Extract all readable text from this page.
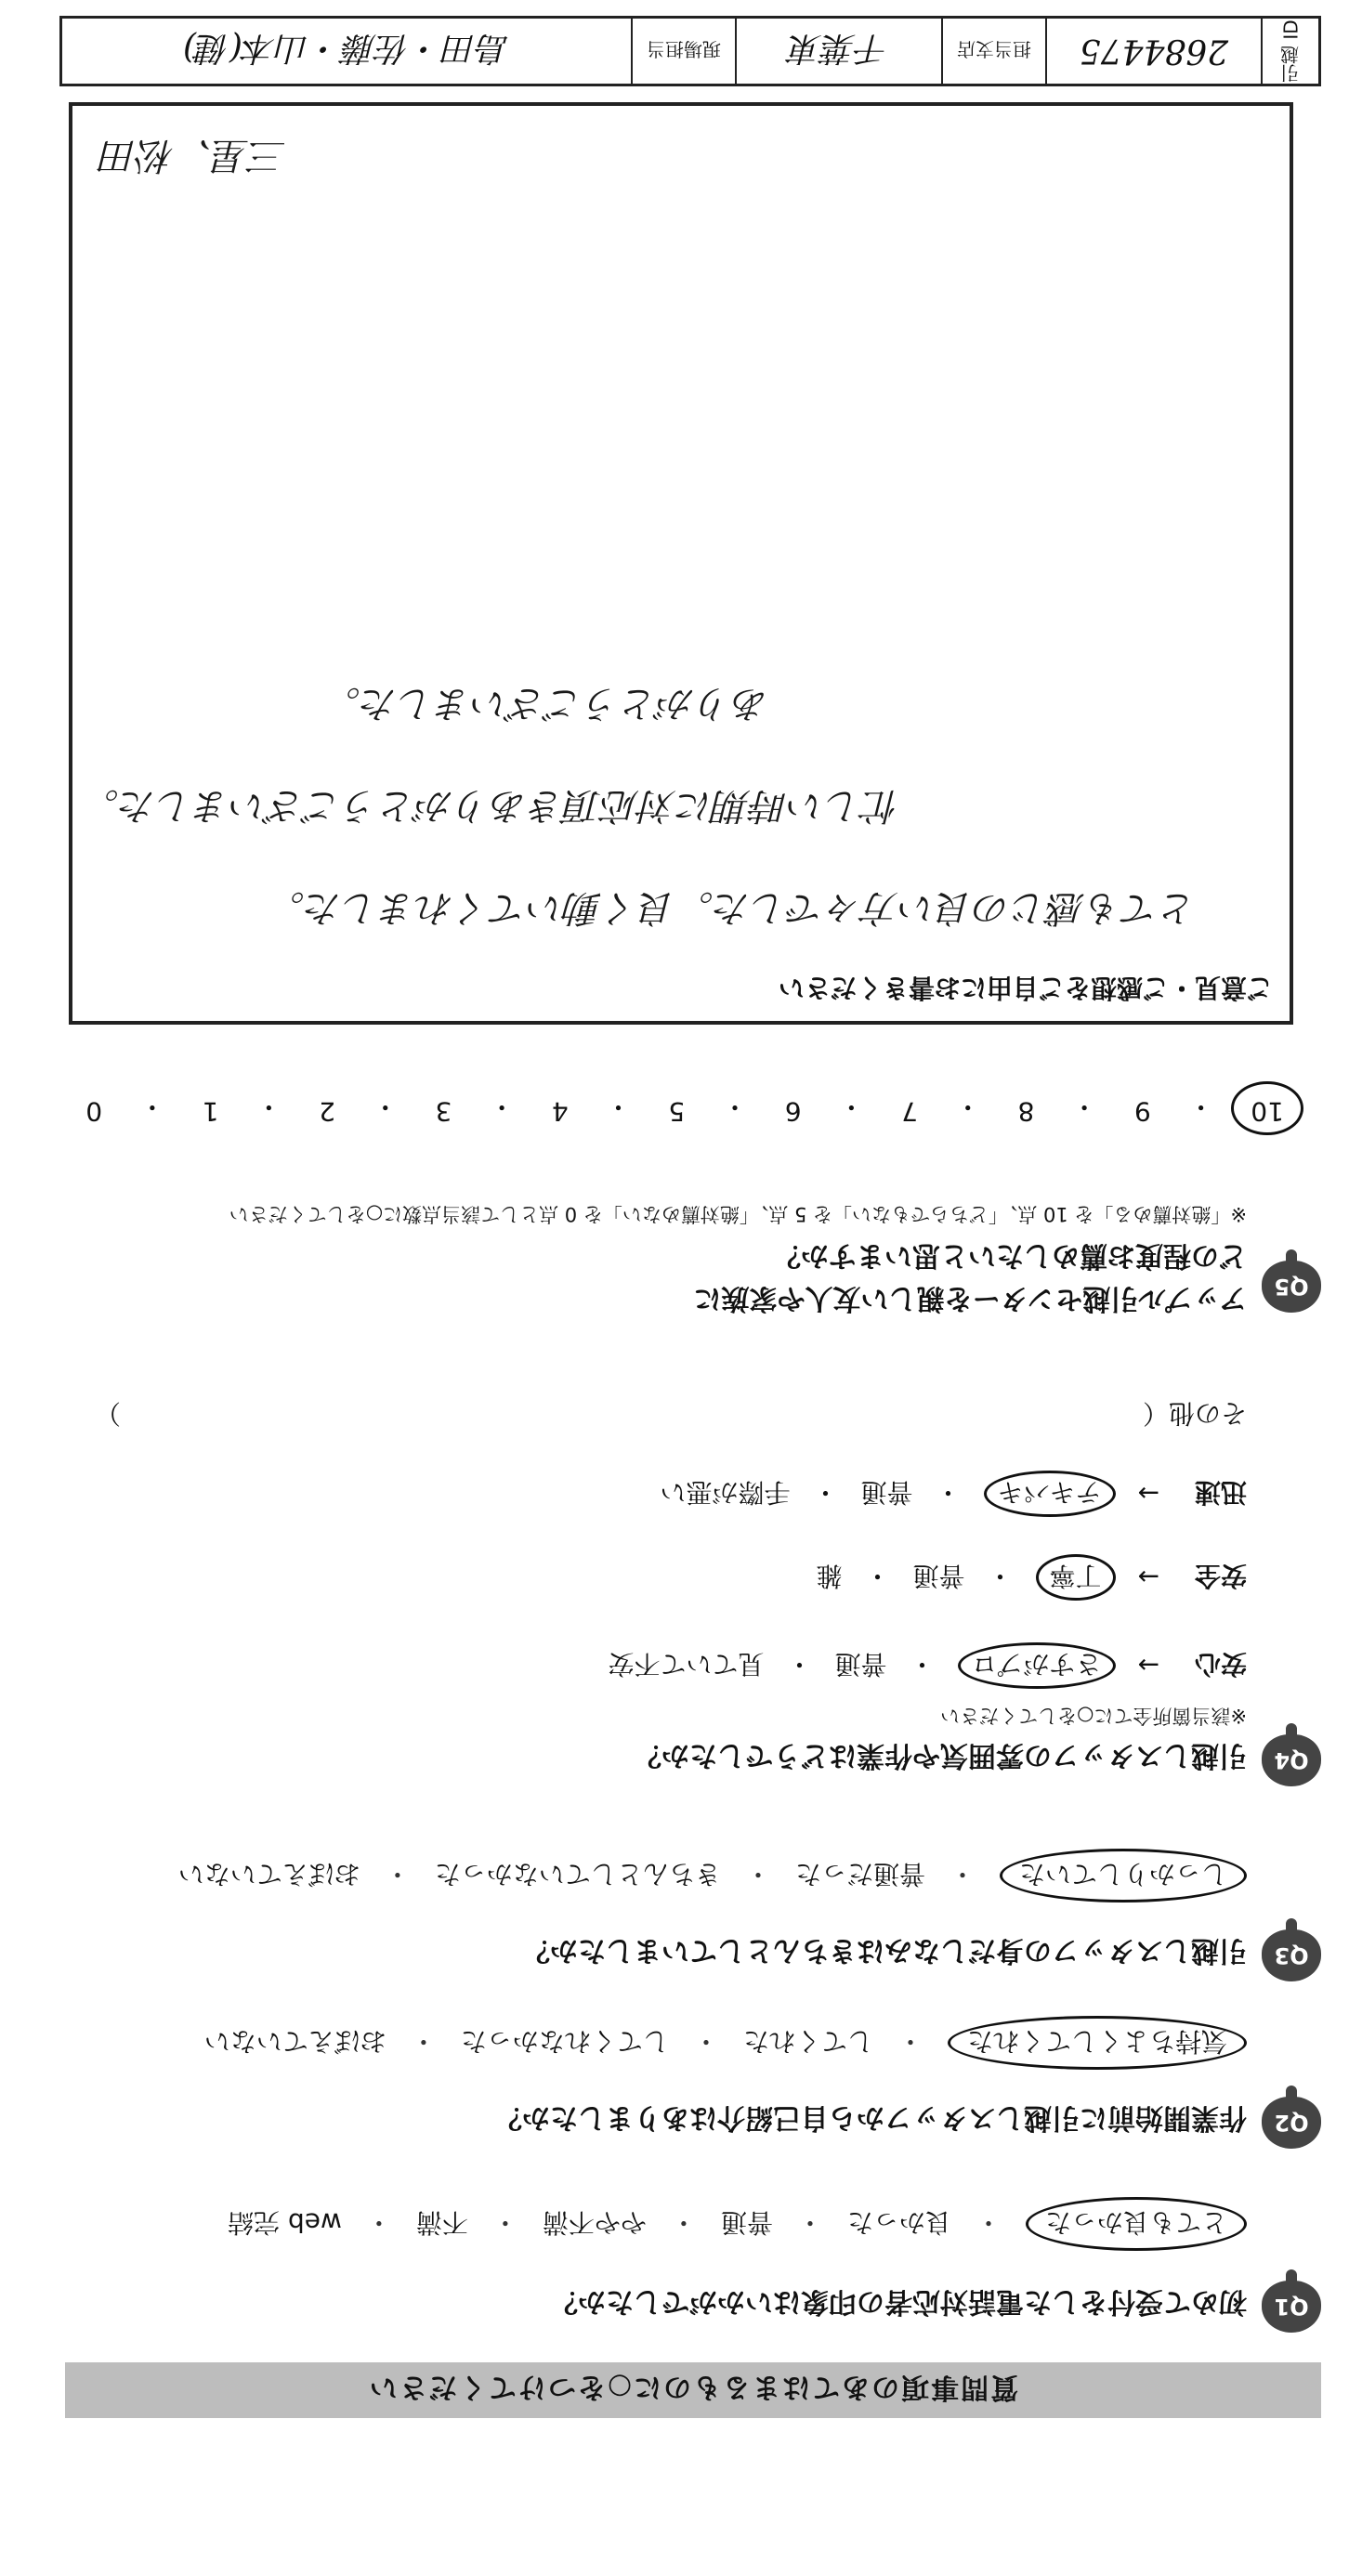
質問事項のあてはまるものに○をつけてください
Q1
初めて受付をした電話対応者の印象はいかがでしたか？
とても良かった
・
良かった
・
普通
・
やや不満
・
不満
・
web 完結
Q2
作業開始前に引越しスタッフから自己紹介はありましたか？
気持ちよくしてくれた
・
してくれた
・
してくれなかった
・
おぼえていない
Q3
引越しスタッフの身だしなみはきちんとしていましたか？
しっかりしていた
・
普通だった
・
きちんとしていなかった
・
おぼえていない
Q4
引越しスタッフの雰囲気や作業はどうでしたか？
※該当箇所全てに○をしてください
安心
→
さすがプロ
・
普通
・
見ていて不安
安全
→
丁寧
・
普通
・
雑
迅速
→
テキパキ
・
普通
・
手際が悪い
その他（
）
Q5
アップル引越センターを親しい友人や家族に
どの程度お薦めしたいと思いますか？
※「絶対薦める」を 10 点、「どちらでもない」を 5 点、「絶対薦めない」を 0 点として該当点数に○をしてください
10
・
9
・
8
・
7
・
6
・
5
・
4
・
3
・
2
・
1
・
0
ご意見・ご感想をご自由にお書きください
とても感じの良い方々でした。良く動いてくれました。
忙しい時期に対応頂きありがとうございました。
ありがとうございました。
三星、松田
引越 ID
2684475
担当支店
千葉東
現場担当
島田・佐藤・山本(健)
